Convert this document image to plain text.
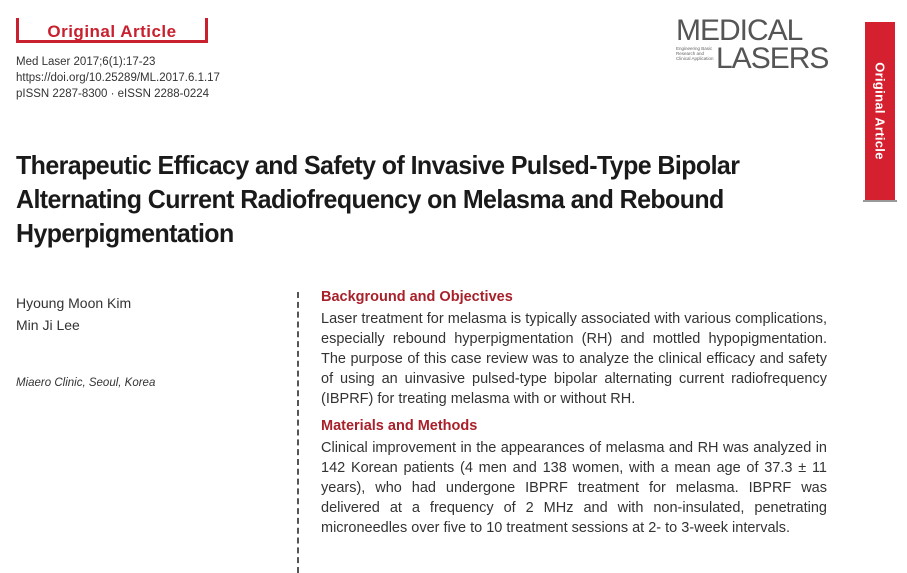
Original Article
Med Laser 2017;6(1):17-23
https://doi.org/10.25289/ML.2017.6.1.17
pISSN 2287-8300 · eISSN 2288-0224
MEDICAL
Engineering Basic Research and Clinical Application LASERS
Original Article
Therapeutic Efficacy and Safety of Invasive Pulsed-Type Bipolar Alternating Current Radiofrequency on Melasma and Rebound Hyperpigmentation
Hyoung Moon Kim
Min Ji Lee
Miaero Clinic, Seoul, Korea
Background and Objectives

Laser treatment for melasma is typically associated with various complications, especially rebound hyperpigmentation (RH) and mottled hypopigmentation. The purpose of this case review was to analyze the clinical efficacy and safety of using an uinvasive pulsed-type bipolar alternating current radiofrequency (IBPRF) for treating melasma with or without RH.

Materials and Methods

Clinical improvement in the appearances of melasma and RH was analyzed in 142 Korean patients (4 men and 138 women, with a mean age of 37.3 ± 11 years), who had undergone IBPRF treatment for melasma. IBPRF was delivered at a frequency of 2 MHz and with non-insulated, penetrating microneedles over five to 10 treatment sessions at 2- to 3-week intervals.
